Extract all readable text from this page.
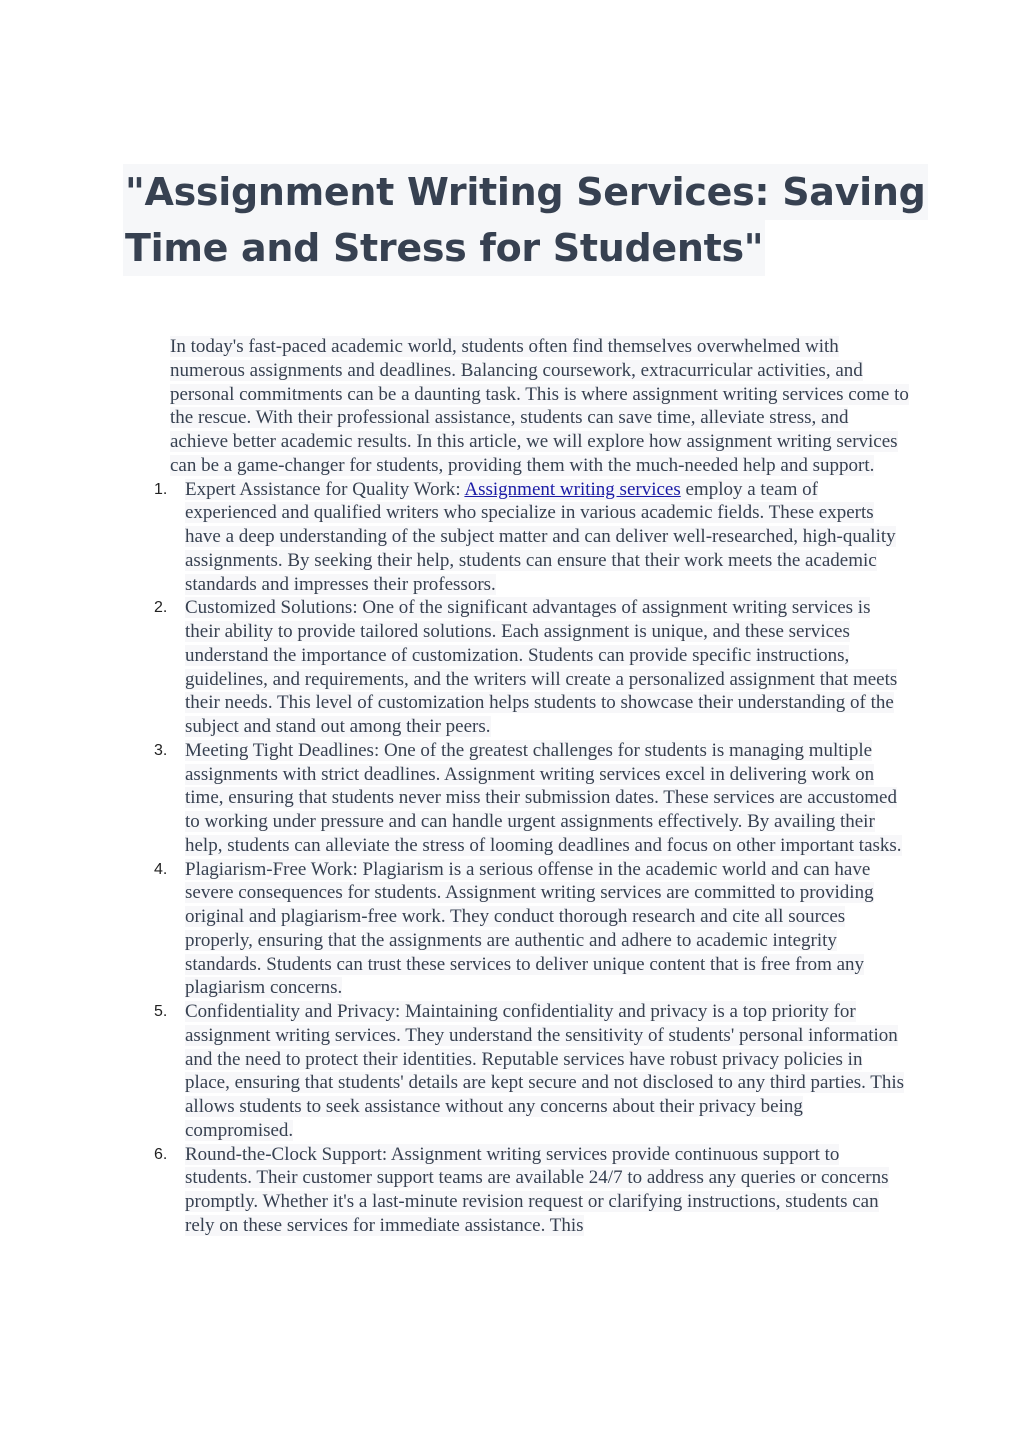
"Assignment Writing Services: Saving
Time and Stress for Students"

In today's fast-paced academic world, students often find themselves overwhelmed with numerous assignments and deadlines. Balancing coursework, extracurricular activities, and personal commitments can be a daunting task. This is where assignment writing services come to the rescue. With their professional assistance, students can save time, alleviate stress, and achieve better academic results. In this article, we will explore how assignment writing services can be a game-changer for students, providing them with the much-needed help and support.

1. Expert Assistance for Quality Work: Assignment writing services employ a team of experienced and qualified writers who specialize in various academic fields. These experts have a deep understanding of the subject matter and can deliver well-researched, high-quality assignments. By seeking their help, students can ensure that their work meets the academic standards and impresses their professors.
2. Customized Solutions: One of the significant advantages of assignment writing services is their ability to provide tailored solutions. Each assignment is unique, and these services understand the importance of customization. Students can provide specific instructions, guidelines, and requirements, and the writers will create a personalized assignment that meets their needs. This level of customization helps students to showcase their understanding of the subject and stand out among their peers.
3. Meeting Tight Deadlines: One of the greatest challenges for students is managing multiple assignments with strict deadlines. Assignment writing services excel in delivering work on time, ensuring that students never miss their submission dates. These services are accustomed to working under pressure and can handle urgent assignments effectively. By availing their help, students can alleviate the stress of looming deadlines and focus on other important tasks.
4. Plagiarism-Free Work: Plagiarism is a serious offense in the academic world and can have severe consequences for students. Assignment writing services are committed to providing original and plagiarism-free work. They conduct thorough research and cite all sources properly, ensuring that the assignments are authentic and adhere to academic integrity standards. Students can trust these services to deliver unique content that is free from any plagiarism concerns.
5. Confidentiality and Privacy: Maintaining confidentiality and privacy is a top priority for assignment writing services. They understand the sensitivity of students' personal information and the need to protect their identities. Reputable services have robust privacy policies in place, ensuring that students' details are kept secure and not disclosed to any third parties. This allows students to seek assistance without any concerns about their privacy being compromised.
6. Round-the-Clock Support: Assignment writing services provide continuous support to students. Their customer support teams are available 24/7 to address any queries or concerns promptly. Whether it's a last-minute revision request or clarifying instructions, students can rely on these services for immediate assistance. This
